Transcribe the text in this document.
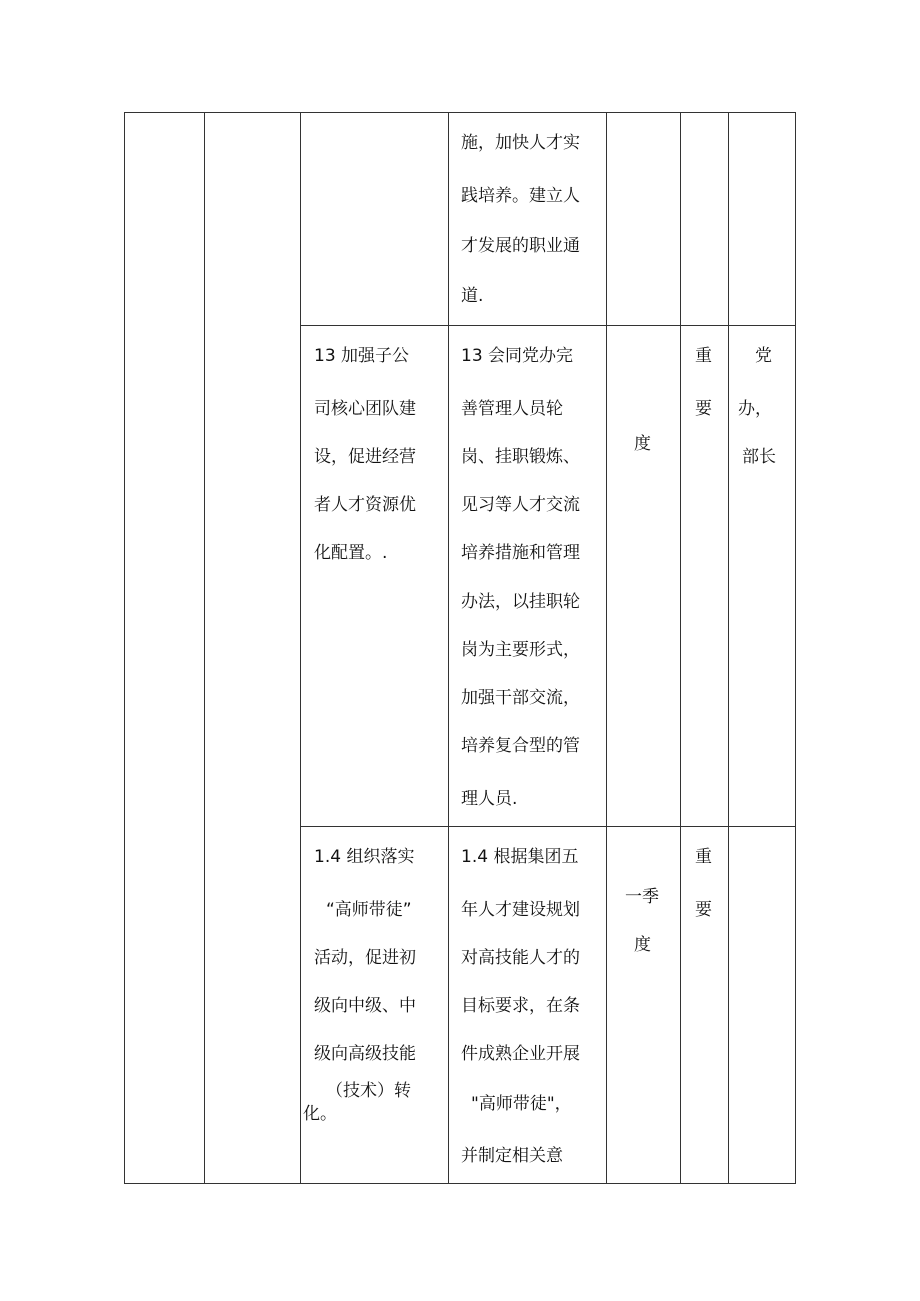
施，加快人才实
践培养。建立人
才发展的职业通
道.
13 加强子公
司核心团队建
设，促进经营
者人才资源优
化配置。.
13 会同党办完
善管理人员轮
岗、挂职锻炼、
见习等人才交流
培养措施和管理
办法，以挂职轮
岗为主要形式，
加强干部交流，
培养复合型的管
理人员.
度
重
要
党
办，
部长
1.4 组织落实
“高师带徒”
活动，促进初
级向中级、中
级向高级技能
（技术）转
化。
1.4 根据集团五
年人才建设规划
对高技能人才的
目标要求，在条
件成熟企业开展
"高师带徒"，
并制定相关意
一季
度
重
要
